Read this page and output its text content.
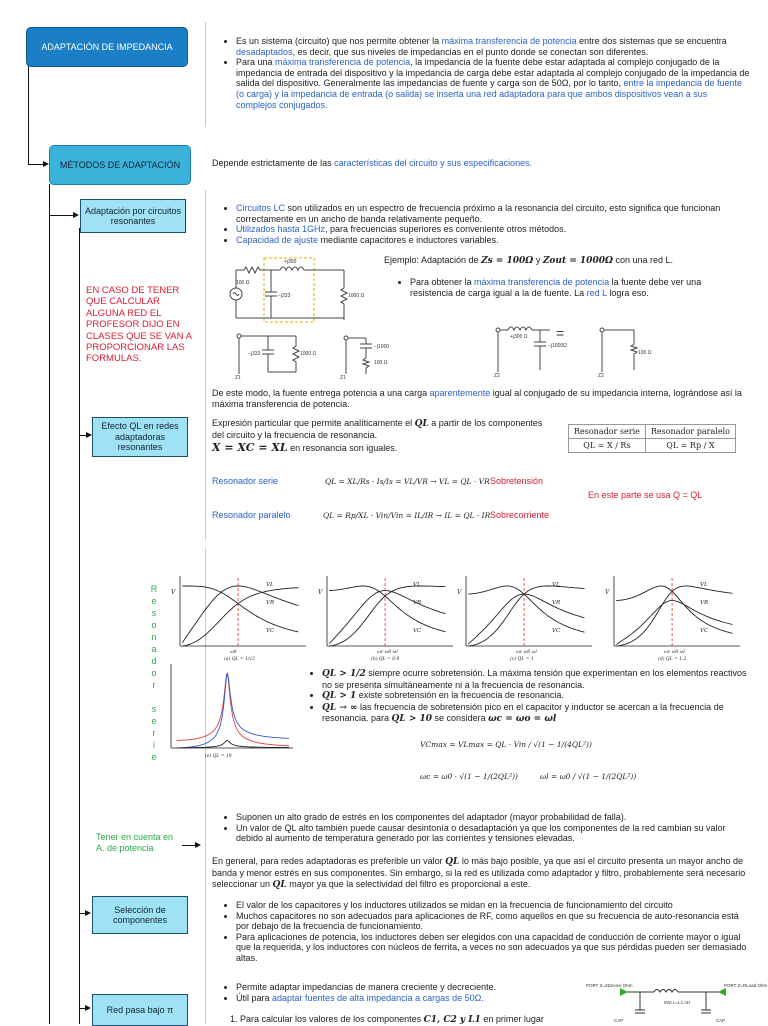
ADAPTACIÓN DE IMPEDANCIA
MÉTODOS DE ADAPTACIÓN
Adaptación por circuitos resonantes
Efecto QL en redes adaptadoras resonantes
Selección de componentes
Red pasa bajo π
• Es un sistema (circuito) que nos permite obtener la máxima transferencia de potencia entre dos sistemas que se encuentra desadaptados, es decir, que sus niveles de impedancias en el punto donde se conectan son diferentes.
• Para una máxima transferencia de potencia, la impedancia de la fuente debe estar adaptada al complejo conjugado de la impedancia de entrada del dispositivo y la impedancia de carga debe estar adaptada al complejo conjugado de la impedancia de salida del dispositivo. Generalmente las impedancias de fuente y carga son de 50Ω, por lo tanto, entre la impedancia de fuente (o carga) y la impedancia de entrada (o salida) se inserta una red adaptadora para que ambos dispositivos vean a sus complejos conjugados.

Depende estrictamente de las características del circuito y sus especificaciones.

• Circuitos LC son utilizados en un espectro de frecuencia próximo a la resonancia del circuito, esto significa que funcionan correctamente en un ancho de banda relativamente pequeño.
• Utilizados hasta 1GHz, para frecuencias superiores es conveniente otros métodos.
• Capacidad de ajuste mediante capacitores e inductores variables.

EN CASO DE TENER QUE CALCULAR ALGUNA RED EL PROFESOR DIJO EN CLASES QUE SE VAN A PROPORCIONAR LAS FORMULAS.

100 Ω
+j300
−j333	1000 Ω

Ejemplo: Adaptación de Zs = 100Ω y Zout = 1000Ω con una red L.

• Para obtener la máxima transferencia de potencia la fuente debe ver una resistencia de carga igual a la de fuente. La red L logra eso.
−j333	1000 Ω
Z1
−j1000
100 Ω
Z1
+j300 Ω
−j1000Ω
=
Z2
100 Ω
Z2

De este modo, la fuente entrega potencia a una carga aparentemente igual al conjugado de su impedancia interna, lográndose así la máxima transferencia de potencia.

Expresión particular que permite analíticamente el QL a partir de los componentes del circuito y la frecuencia de resonancia.
X = XC = XL en resonancia son iguales.

Resonador serie	Resonador paralelo
QL = X / Rs	QL = Rp / X

Resonador serie	QL = XL/Rs · Is/Is = VL/VR → VL = QL · VR Sobretensión

Resonador paralelo	QL = Rp/XL · Vin/Vin = IL/IR → IL = QL · IR Sobrecorriente

En este parte se usa Q = QL

R
e
s
o
n
a
d
o
r

s
e
r
i
e
V
VL
VR
VC
ω0
(a) QL = 1/√2
V
VL
VR
VC
ωc ω0 ωl
(b) QL = 0.9
V
VL
VR
VC
ωc ω0 ωl
(c) QL = 1
V
VL
VR
VC
ωc ω0 ωl
(d) QL = 1.2
(e) QL = 10
• QL > 1/2 siempre ocurre sobretensión. La máxima tensión que experimentan en los elementos reactivos no se presenta simultáneamente ni a la frecuencia de resonancia.
• QL > 1 existe sobretensión en la frecuencia de resonancia.
• QL → ∞ las frecuencia de sobretensión pico en el capacitor y inductor se acercan a la frecuencia de resonancia. para QL > 10 se considera ωc = ωo = ωl

VCmax = VLmax = QL · Vin / √(1 − 1/(4QL²))

ωc = ω0 · √(1 − 1/(2QL²))	ωl = ω0 / √(1 − 1/(2QL²))

Tener en cuenta en A. de potencia

• Suponen un alto grado de estrés en los componentes del adaptador (mayor probabilidad de falla).
• Un valor de QL alto también puede causar desintonía o desadaptación ya que los componentes de la red cambian su valor debido al aumento de temperatura generado por las corrientes y tensiones elevadas.

En general, para redes adaptadoras es preferible un valor QL lo más bajo posible, ya que así el circuito presenta un mayor ancho de banda y menor estrés en sus componentes. Sin embargo, si la red es utilizada como adaptador y filtro, probablemente será necesario seleccionar un QL mayor ya que la selectividad del filtro es proporcional a este.

• El valor de los capacitores y los inductores utilizados se midan en la frecuencia de funcionamiento del circuito
• Muchos capacitores no son adecuados para aplicaciones de RF, como aquellos en que su frecuencia de auto-resonancia está por debajo de la frecuencia de funcionamiento.
• Para aplicaciones de potencia, los inductores deben ser elegidos con una capacidad de conducción de corriente mayor o igual que la requerida, y los inductores con núcleos de ferrita, a veces no son adecuados ya que sus pérdidas pueden ser demasiado altas.
• Permite adaptar impedancias de manera creciente y decreciente.
• Útil para adaptar fuentes de alta impedancia a cargas de 50Ω.

1. Para calcular los valores de los componentes C1, C2 y L1 en primer lugar

PORT Z=ZDevice Ohm	PORT Z=RLoad Ohm
IND L=L1 nH
CAP	CAP
